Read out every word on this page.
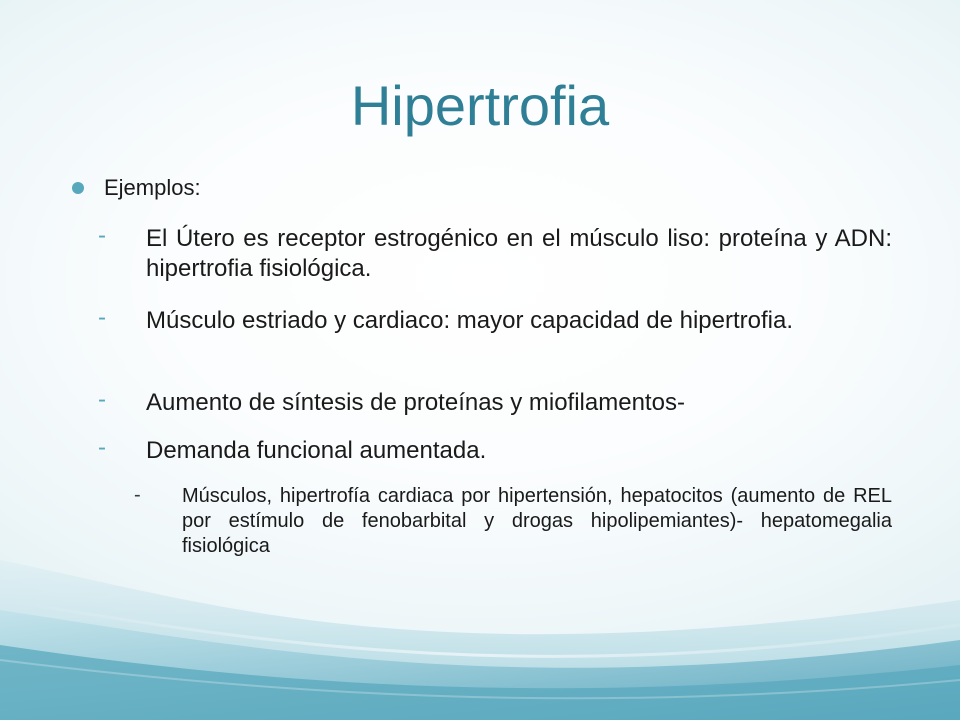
Hipertrofia
Ejemplos:
- El Útero es receptor estrogénico en el músculo liso: proteína y ADN: hipertrofia fisiológica.
- Músculo estriado y cardiaco: mayor capacidad de hipertrofia.
- Aumento de síntesis de proteínas y miofilamentos-
- Demanda funcional aumentada.
- Músculos, hipertrofía cardiaca por hipertensión, hepatocitos (aumento de REL por estímulo de fenobarbital y drogas hipolipemiantes)- hepatomegalia fisiológica
